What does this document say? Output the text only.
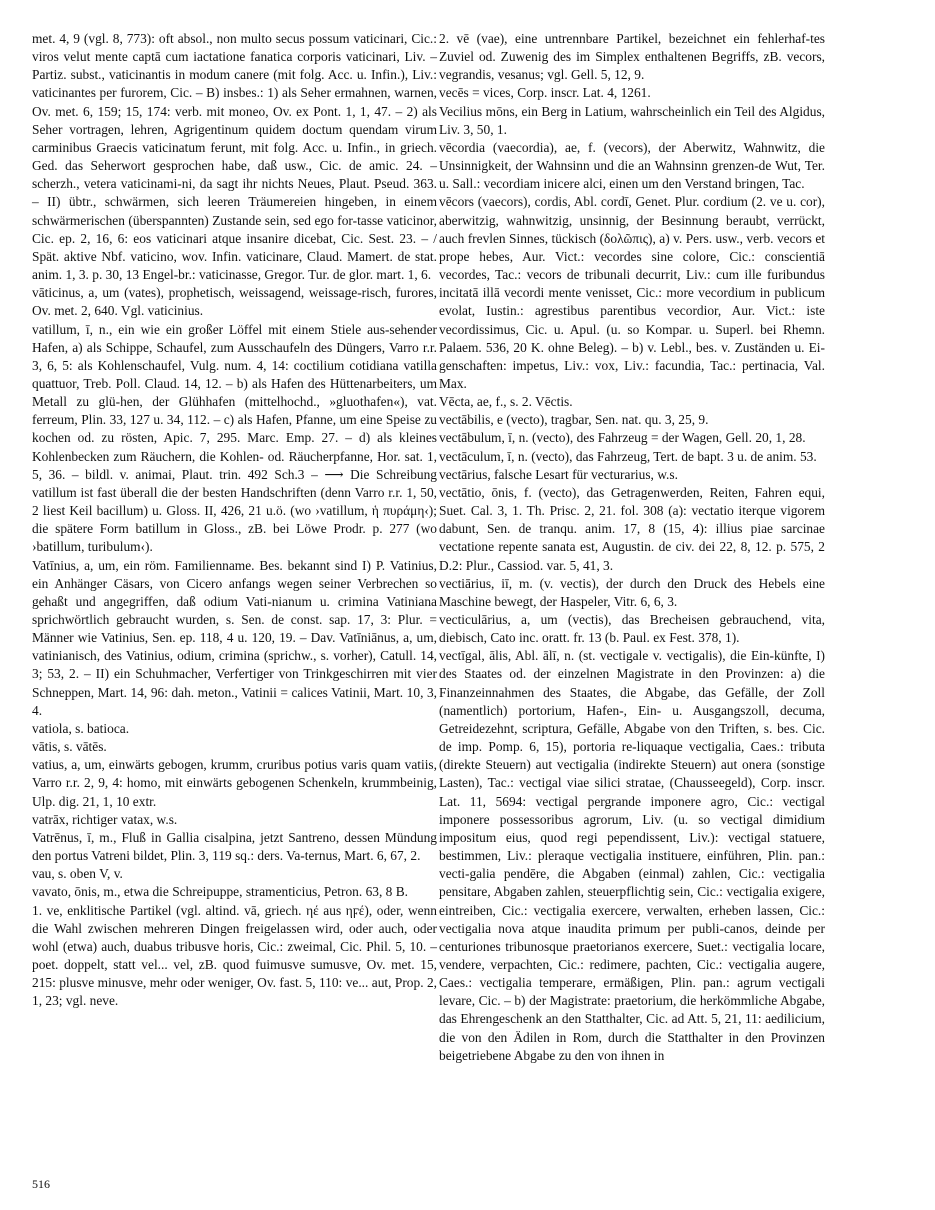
met. 4, 9 (vgl. 8, 773): oft absol., non multo secus possum vaticinari, Cic.: viros velut mente captā cum iactatione fanatica corporis vaticinari, Liv. – Partiz. subst., vaticinantis in modum canere (mit folg. Acc. u. Infin.), Liv.: vaticinantes per furorem, Cic. – B) insbes.: 1) als Seher ermahnen, warnen, Ov. met. 6, 159; 15, 174: verb. mit moneo, Ov. ex Pont. 1, 1, 47. – 2) als Seher vortragen, lehren, Agrigentinum quidem doctum quendam virum carminibus Graecis vaticinatum ferunt, mit folg. Acc. u. Infin., in griech. Ged. das Seherwort gesprochen habe, daß usw., Cic. de amic. 24. – scherzh., vetera vaticinami-ni, da sagt ihr nichts Neues, Plaut. Pseud. 363. – II) übtr., schwärmen, sich leeren Träumereien hingeben, in einem schwärmerischen (überspannten) Zustande sein, sed ego for-tasse vaticinor, Cic. ep. 2, 16, 6: eos vaticinari atque insanire dicebat, Cic. Sest. 23. – / Spät. aktive Nbf. vaticino, wov. Infin. vaticinare, Claud. Mamert. de stat. anim. 1, 3. p. 30, 13 Engel-br.: vaticinasse, Gregor. Tur. de glor. mart. 1, 6.

vāticinus, a, um (vates), prophetisch, weissagend, weissage-risch, furores, Ov. met. 2, 640. Vgl. vaticinius.

vatillum, ī, n., ein wie ein großer Löffel mit einem Stiele aus-sehender Hafen, a) als Schippe, Schaufel, zum Ausschaufeln des Düngers, Varro r.r. 3, 6, 5: als Kohlenschaufel, Vulg. num. 4, 14: coctilium cotidiana vatilla quattuor, Treb. Poll. Claud. 14, 12. – b) als Hafen des Hüttenarbeiters, um Metall zu glü-hen, der Glühhafen (mittelhochd., »gluothafen«), vat. ferreum, Plin. 33, 127 u. 34, 112. – c) als Hafen, Pfanne, um eine Speise zu kochen od. zu rösten, Apic. 7, 295. Marc. Emp. 27. – d) als kleines Kohlenbecken zum Räuchern, die Kohlen- od. Räucherpfanne, Hor. sat. 1, 5, 36. – bildl. v. animai, Plaut. trin. 492 Sch.3 – ⟶ Die Schreibung vatillum ist fast überall die der besten Handschriften (denn Varro r.r. 1, 50, 2 liest Keil bacillum) u. Gloss. II, 426, 21 u.ö. (wo ›vatillum, ἡ πυράμη‹); die spätere Form batillum in Gloss., zB. bei Löwe Prodr. p. 277 (wo ›batillum, turibulum‹).

Vatīnius, a, um, ein röm. Familienname. Bes. bekannt sind I) P. Vatinius, ein Anhänger Cäsars, von Cicero anfangs wegen seiner Verbrechen so gehaßt und angegriffen, daß odium Vati-nianum u. crimina Vatiniana sprichwörtlich gebraucht wurden, s. Sen. de const. sap. 17, 3: Plur. = Männer wie Vatinius, Sen. ep. 118, 4 u. 120, 19. – Dav. Vatīniānus, a, um, vatinianisch, des Vatinius, odium, crimina (sprichw., s. vorher), Catull. 14, 3; 53, 2. – II) ein Schuhmacher, Verfertiger von Trinkgeschirren mit vier Schneppen, Mart. 14, 96: dah. meton., Vatinii = calices Vatinii, Mart. 10, 3, 4.

vatiola, s. batioca.

vātis, s. vātēs.

vatius, a, um, einwärts gebogen, krumm, cruribus potius varis quam vatiis, Varro r.r. 2, 9, 4: homo, mit einwärts gebogenen Schenkeln, krummbeinig, Ulp. dig. 21, 1, 10 extr.

vatrāx, richtiger vatax, w.s.

Vatrēnus, ī, m., Fluß in Gallia cisalpina, jetzt Santreno, dessen Mündung den portus Vatreni bildet, Plin. 3, 119 sq.: ders. Va-ternus, Mart. 6, 67, 2.

vau, s. oben V, v.

vavato, ōnis, m., etwa die Schreipuppe, stramenticius, Petron. 63, 8 B.

1. ve, enklitische Partikel (vgl. altind. vā, griech. ηέ aus ηϝέ), oder, wenn die Wahl zwischen mehreren Dingen freigelassen wird, oder auch, oder wohl (etwa) auch, duabus tribusve horis, Cic.: zweimal, Cic. Phil. 5, 10. – poet. doppelt, statt vel... vel, zB. quod fuimusve sumusve, Ov. met. 15, 215: plusve minusve, mehr oder weniger, Ov. fast. 5, 110: ve... aut, Prop. 2, 1, 23; vgl. neve.

2. vē (vae), eine untrennbare Partikel, bezeichnet ein fehlerhaf-tes Zuviel od. Zuwenig des im Simplex enthaltenen Begriffs, zB. vecors, vegrandis, vesanus; vgl. Gell. 5, 12, 9.

vecēs = vices, Corp. inscr. Lat. 4, 1261.

Vecilius mōns, ein Berg in Latium, wahrscheinlich ein Teil des Algidus, Liv. 3, 50, 1.

vēcordia (vaecordia), ae, f. (vecors), der Aberwitz, Wahnwitz, die Unsinnigkeit, der Wahnsinn und die an Wahnsinn grenzen-de Wut, Ter. u. Sall.: vecordiam inicere alci, einen um den Verstand bringen, Tac.

vēcors (vaecors), cordis, Abl. cordī, Genet. Plur. cordium (2. ve u. cor), aberwitzig, wahnwitzig, unsinnig, der Besinnung beraubt, verrückt, auch frevlen Sinnes, tückisch (δολῶπις), a) v. Pers. usw., verb. vecors et prope hebes, Aur. Vict.: vecordes sine colore, Cic.: conscientiā vecordes, Tac.: vecors de tribunali decurrit, Liv.: cum ille furibundus incitatā illā vecordi mente venisset, Cic.: more vecordium in publicum evolat, Iustin.: agrestibus parentibus vecordior, Aur. Vict.: iste vecordissimus, Cic. u. Apul. (u. so Kompar. u. Superl. bei Rhemn. Palaem. 536, 20 K. ohne Beleg). – b) v. Lebl., bes. v. Zuständen u. Ei-genschaften: impetus, Liv.: vox, Liv.: facundia, Tac.: pertinacia, Val. Max.

Vēcta, ae, f., s. 2. Vēctis.

vectābilis, e (vecto), tragbar, Sen. nat. qu. 3, 25, 9.

vectābulum, ī, n. (vecto), des Fahrzeug = der Wagen, Gell. 20, 1, 28.

vectāculum, ī, n. (vecto), das Fahrzeug, Tert. de bapt. 3 u. de anim. 53.

vectārius, falsche Lesart für vecturarius, w.s.

vectātio, ōnis, f. (vecto), das Getragenwerden, Reiten, Fahren equi, Suet. Cal. 3, 1. Th. Prisc. 2, 21. fol. 308 (a): vectatio iterque vigorem dabunt, Sen. de tranqu. anim. 17, 8 (15, 4): illius piae sarcinae vectatione repente sanata est, Augustin. de civ. dei 22, 8, 12. p. 575, 2 D.2: Plur., Cassiod. var. 5, 41, 3.

vectiārius, iī, m. (v. vectis), der durch den Druck des Hebels eine Maschine bewegt, der Haspeler, Vitr. 6, 6, 3.

vecticulārius, a, um (vectis), das Brecheisen gebrauchend, vita, diebisch, Cato inc. oratt. fr. 13 (b. Paul. ex Fest. 378, 1).

vectīgal, ālis, Abl. ālī, n. (st. vectigale v. vectigalis), die Ein-künfte, I) des Staates od. der einzelnen Magistrate in den Provinzen: a) die Finanzeinnahmen des Staates, die Abgabe, das Gefälle, der Zoll (namentlich) portorium, Hafen-, Ein- u. Ausgangszoll, decuma, Getreidezehnt, scriptura, Gefälle, Abgabe von den Triften, s. bes. Cic. de imp. Pomp. 6, 15), portoria re-liquaque vectigalia, Caes.: tributa (direkte Steuern) aut vectigalia (indirekte Steuern) aut onera (sonstige Lasten), Tac.: vectigal viae silici stratae, (Chausseegeld), Corp. inscr. Lat. 11, 5694: vectigal pergrande imponere agro, Cic.: vectigal imponere possessoribus agrorum, Liv. (u. so vectigal dimidium impositum eius, quod regi pependissent, Liv.): vectigal statuere, bestimmen, Liv.: pleraque vectigalia instituere, einführen, Plin. pan.: vecti-galia pendēre, die Abgaben (einmal) zahlen, Cic.: vectigalia pensitare, Abgaben zahlen, steuerpflichtig sein, Cic.: vectigalia exigere, eintreiben, Cic.: vectigalia exercere, verwalten, erheben lassen, Cic.: vectigalia nova atque inaudita primum per publi-canos, deinde per centuriones tribunosque praetorianos exercere, Suet.: vectigalia locare, vendere, verpachten, Cic.: redimere, pachten, Cic.: vectigalia augere, Caes.: vectigalia temperare, ermäßigen, Plin. pan.: agrum vectigali levare, Cic. – b) der Magistrate: praetorium, die herkömmliche Abgabe, das Ehrengeschenk an den Statthalter, Cic. ad Att. 5, 21, 11: aedilicium, die von den Ädilen in Rom, durch die Statthalter in den Provinzen beigetriebene Abgabe zu den von ihnen in

516
